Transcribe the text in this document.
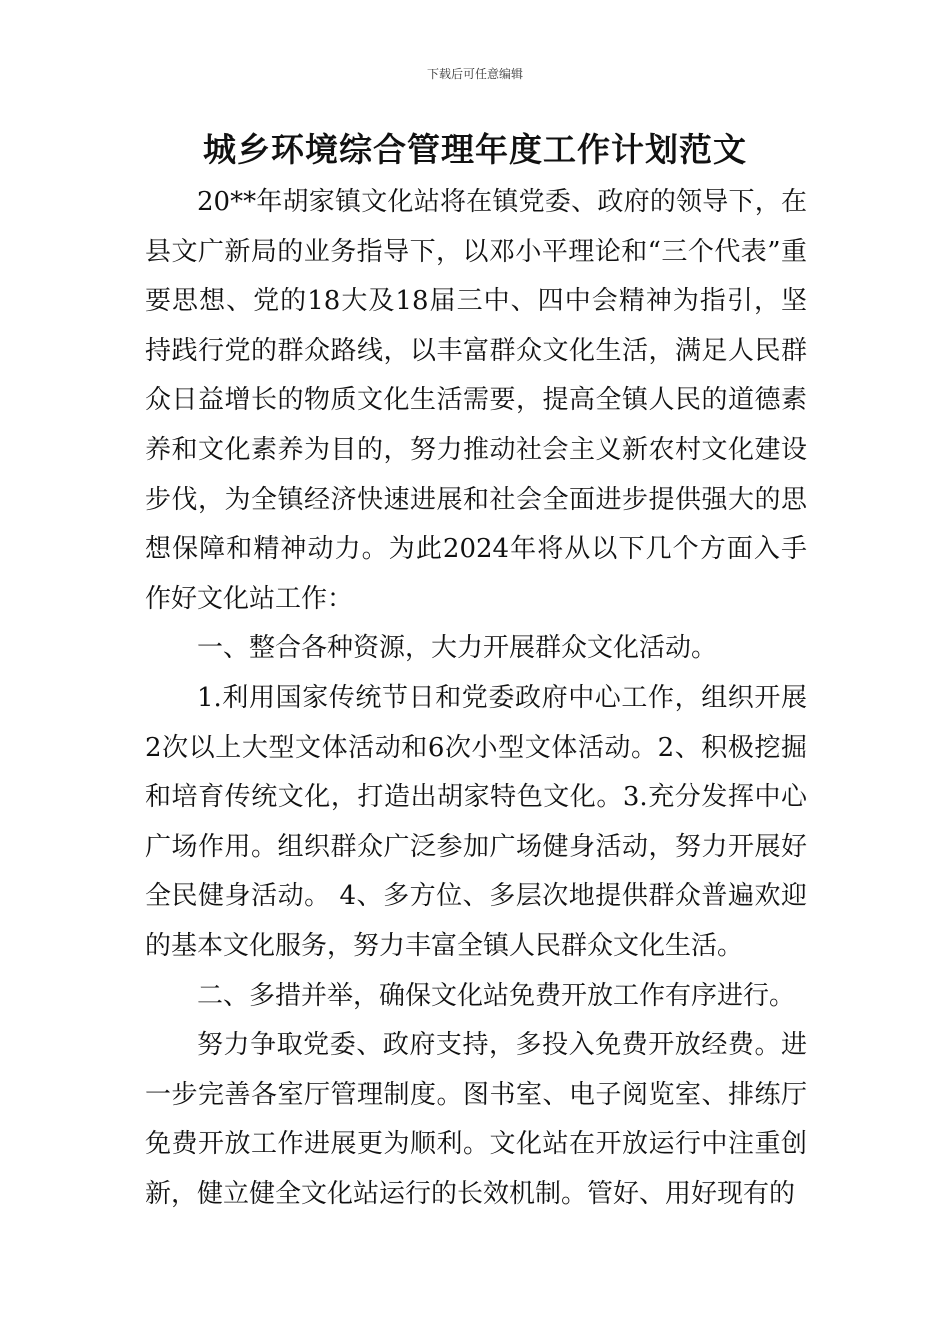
下载后可任意编辑
城乡环境综合管理年度工作计划范文

20**年胡家镇文化站将在镇党委、政府的领导下，在县文广新局的业务指导下，以邓小平理论和“三个代表”重要思想、党的18大及18届三中、四中会精神为指引，坚持践行党的群众路线，以丰富群众文化生活，满足人民群众日益增长的物质文化生活需要，提高全镇人民的道德素养和文化素养为目的，努力推动社会主义新农村文化建设步伐，为全镇经济快速进展和社会全面进步提供强大的思想保障和精神动力。为此2024年将从以下几个方面入手作好文化站工作：

一、整合各种资源，大力开展群众文化活动。

1.利用国家传统节日和党委政府中心工作，组织开展2次以上大型文体活动和6次小型文体活动。2、积极挖掘和培育传统文化，打造出胡家特色文化。3.充分发挥中心广场作用。组织群众广泛参加广场健身活动，努力开展好全民健身活动。 4、多方位、多层次地提供群众普遍欢迎的基本文化服务，努力丰富全镇人民群众文化生活。

二、多措并举，确保文化站免费开放工作有序进行。

努力争取党委、政府支持，多投入免费开放经费。进一步完善各室厅管理制度。图书室、电子阅览室、排练厅免费开放工作进展更为顺利。文化站在开放运行中注重创新，健立健全文化站运行的长效机制。管好、用好现有的
